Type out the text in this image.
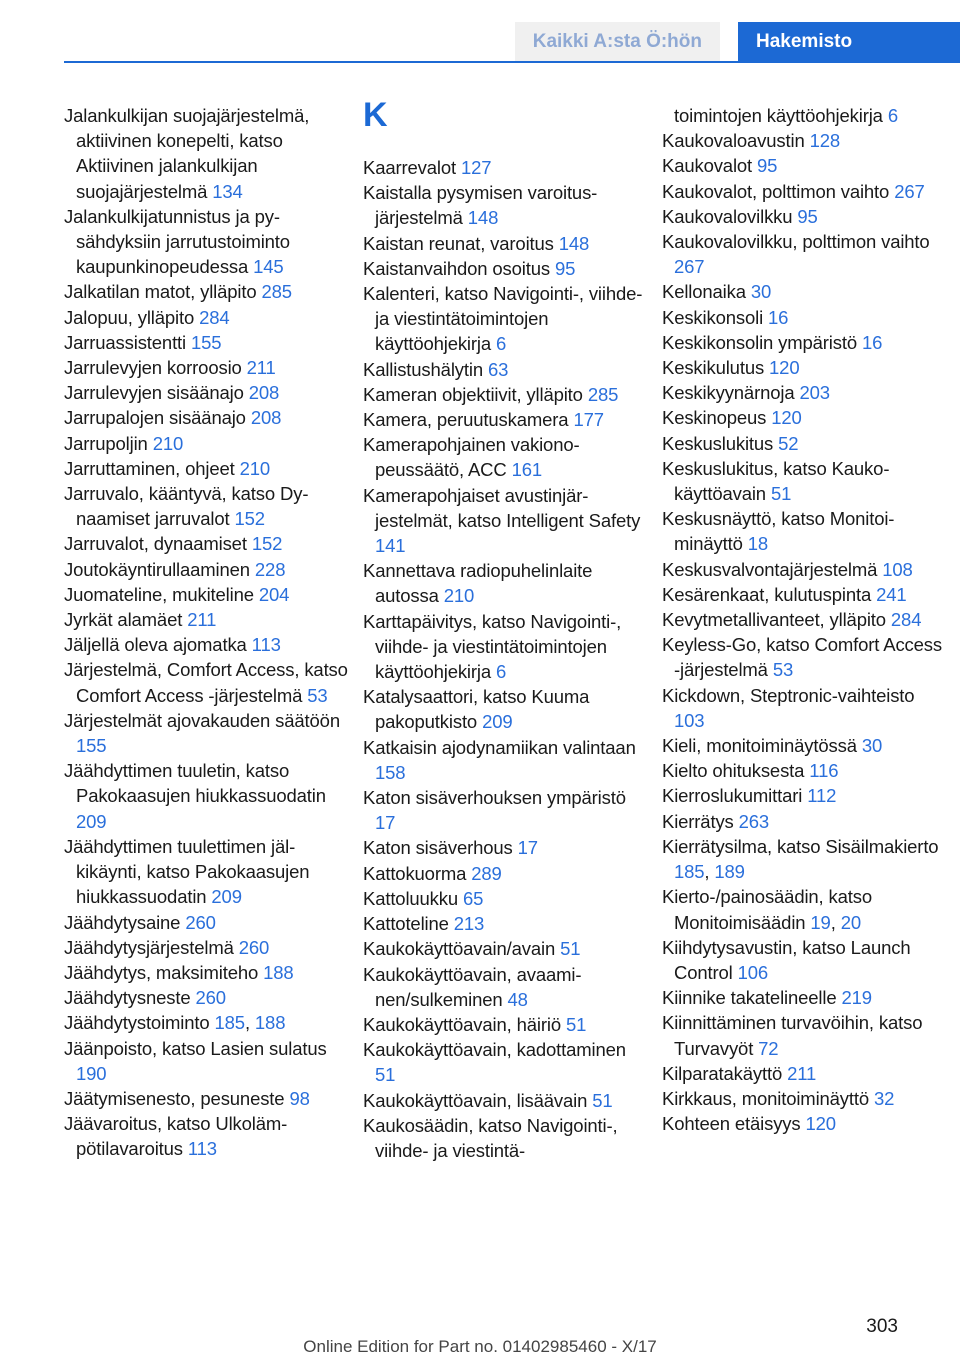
Kaikki A:sta Ö:hön	Hakemisto

Jalankulkijan suojajärjestelmä, aktiivinen konepelti, katso Aktiivinen jalankulkijan suojajärjestelmä 134

Jalankulkijatunnistus ja pysähdyksiin jarrutustoiminto kaupunkinopeudessa 145

Jalkatilan matot, ylläpito 285

Jalopuu, ylläpito 284

Jarruassistentti 155

Jarrulevyjen korroosio 211

Jarrulevyjen sisäänajo 208

Jarrupalojen sisäänajo 208

Jarrupoljin 210

Jarruttaminen, ohjeet 210

Jarruvalo, kääntyvä, katso Dynaamiset jarruvalot 152

Jarruvalot, dynaamiset 152

Joutokäyntirullaaminen 228

Juomateline, mukiteline 204

Jyrkät alamäet 211

Jäljellä oleva ajomatka 113

Järjestelmä, Comfort Access, katso Comfort Access -järjestelmä 53

Järjestelmät ajovakauden säätöön 155

Jäähdyttimen tuuletin, katso Pakokaasujen hiukkassuodatin 209

Jäähdyttimen tuulettimen jälkikäynti, katso Pakokaasujen hiukkassuodatin 209

Jäähdytysaine 260

Jäähdytysjärjestelmä 260

Jäähdytys, maksimiteho 188

Jäähdytysneste 260

Jäähdytystoiminto 185, 188

Jäänpoisto, katso Lasien sulatus 190

Jäätymisenesto, pesuneste 98

Jäävaroitus, katso Ulkolämpötilavaroitus 113

K

Kaarrevalot 127

Kaistalla pysymisen varoitusjärjestelmä 148

Kaistan reunat, varoitus 148

Kaistanvaihdon osoitus 95

Kalenteri, katso Navigointi-, viihde- ja viestintätoimintojen käyttöohjekirja 6

Kallistushälytin 63

Kameran objektiivit, ylläpito 285

Kamera, peruutuskamera 177

Kamerapohjainen vakionopeussäätö, ACC 161

Kamerapohjaiset avustinjärjestelmät, katso Intelligent Safety 141

Kannettava radiopuhelinlaite autossa 210

Karttapäivitys, katso Navigointi-, viihde- ja viestintätoimintojen käyttöohjekirja 6

Katalysaattori, katso Kuuma pakoputkisto 209

Katkaisin ajodynamiikan valintaan 158

Katon sisäverhouksen ympäristö 17

Katon sisäverhous 17

Kattokuorma 289

Kattoluukku 65

Kattoteline 213

Kaukokäyttöavain/avain 51

Kaukokäyttöavain, avaaminen/sulkeminen 48

Kaukokäyttöavain, häiriö 51

Kaukokäyttöavain, kadottaminen 51

Kaukokäyttöavain, lisäävain 51

Kaukosäädin, katso Navigointi-, viihde- ja viestintä-

toimintojen käyttöohjekirja 6

Kaukovaloavustin 128

Kaukovalot 95

Kaukovalot, polttimon vaihto 267

Kaukovalovilkku 95

Kaukovalovilkku, polttimon vaihto 267

Kellonaika 30

Keskikonsoli 16

Keskikonsolin ympäristö 16

Keskikulutus 120

Keskikyynärnoja 203

Keskinopeus 120

Keskuslukitus 52

Keskuslukitus, katso Kaukokäyttöavain 51

Keskusnäyttö, katso Monitoiminäyttö 18

Keskusvalvontajärjestelmä 108

Kesärenkaat, kulutuspinta 241

Kevytmetallivanteet, ylläpito 284

Keyless-Go, katso Comfort Access -järjestelmä 53

Kickdown, Steptronic-vaihteisto 103

Kieli, monitoiminäytössä 30

Kielto ohituksesta 116

Kierroslukumittari 112

Kierrätys 263

Kierrätysilma, katso Sisäilmakierto 185, 189

Kierto-/painosäädin, katso Monitoimisäädin 19, 20

Kiihdytysavustin, katso Launch Control 106

Kiinnike takatelineelle 219

Kiinnittäminen turvavöihin, katso Turvavyöt 72

Kilparatakäyttö 211

Kirkkaus, monitoiminäyttö 32

Kohteen etäisyys 120

303
Online Edition for Part no. 01402985460 - X/17
